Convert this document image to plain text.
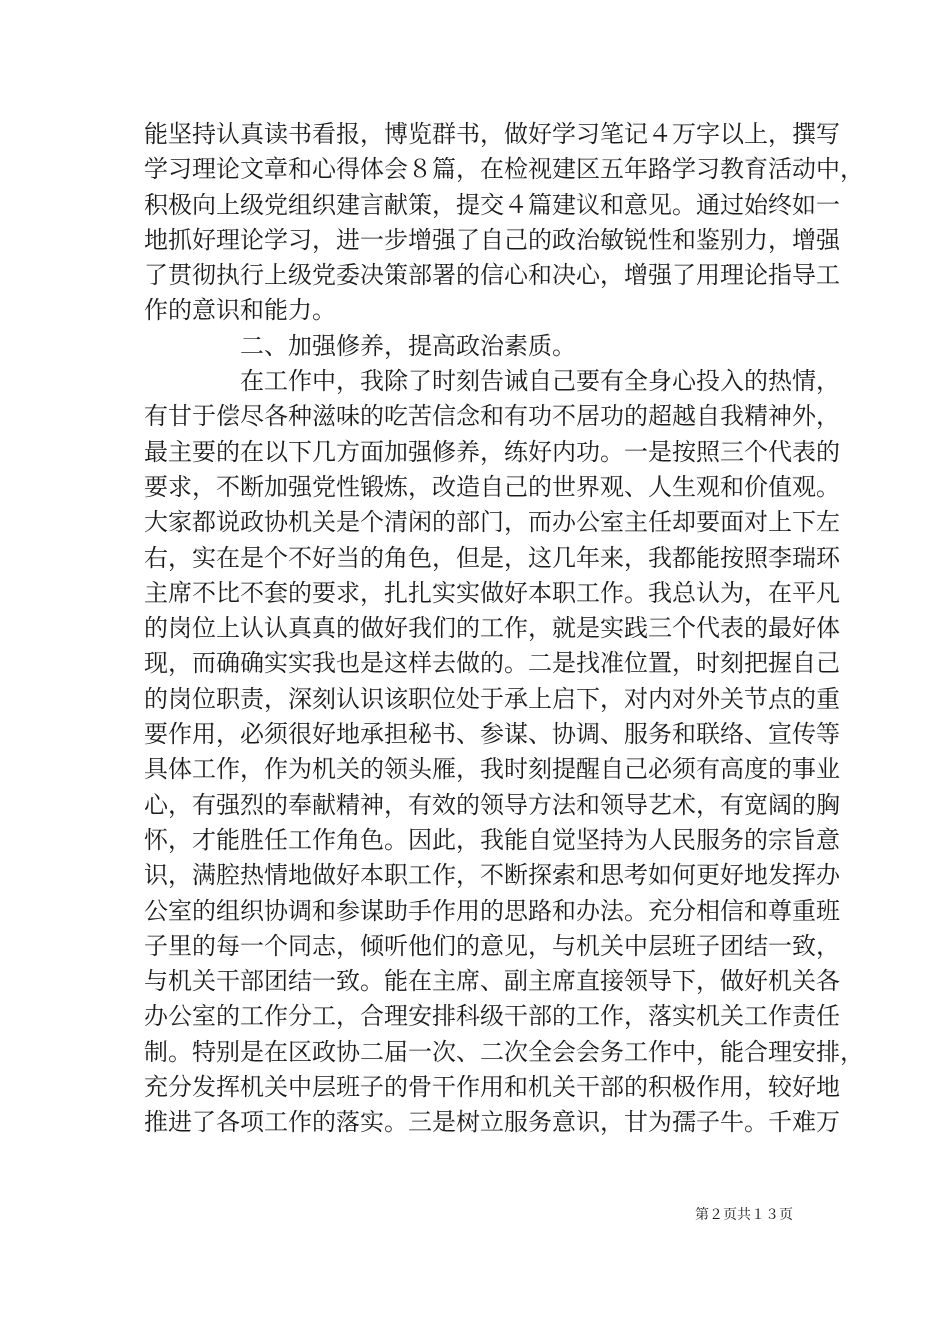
能坚持认真读书看报，博览群书，做好学习笔记４万字以上，撰写
学习理论文章和心得体会８篇，在检视建区五年路学习教育活动中，
积极向上级党组织建言献策，提交４篇建议和意见。通过始终如一
地抓好理论学习，进一步增强了自己的政治敏锐性和鉴别力，增强
了贯彻执行上级党委决策部署的信心和决心，增强了用理论指导工
作的意识和能力。
二、加强修养，提高政治素质。
在工作中，我除了时刻告诫自己要有全身心投入的热情，
有甘于偿尽各种滋味的吃苦信念和有功不居功的超越自我精神外，
最主要的在以下几方面加强修养，练好内功。一是按照三个代表的
要求，不断加强党性锻炼，改造自己的世界观、人生观和价值观。
大家都说政协机关是个清闲的部门，而办公室主任却要面对上下左
右，实在是个不好当的角色，但是，这几年来，我都能按照李瑞环
主席不比不套的要求，扎扎实实做好本职工作。我总认为，在平凡
的岗位上认认真真的做好我们的工作，就是实践三个代表的最好体
现，而确确实实我也是这样去做的。二是找准位置，时刻把握自己
的岗位职责，深刻认识该职位处于承上启下，对内对外关节点的重
要作用，必须很好地承担秘书、参谋、协调、服务和联络、宣传等
具体工作，作为机关的领头雁，我时刻提醒自己必须有高度的事业
心，有强烈的奉献精神，有效的领导方法和领导艺术，有宽阔的胸
怀，才能胜任工作角色。因此，我能自觉坚持为人民服务的宗旨意
识，满腔热情地做好本职工作，不断探索和思考如何更好地发挥办
公室的组织协调和参谋助手作用的思路和办法。充分相信和尊重班
子里的每一个同志，倾听他们的意见，与机关中层班子团结一致，
与机关干部团结一致。能在主席、副主席直接领导下，做好机关各
办公室的工作分工，合理安排科级干部的工作，落实机关工作责任
制。特别是在区政协二届一次、二次全会会务工作中，能合理安排，
充分发挥机关中层班子的骨干作用和机关干部的积极作用，较好地
推进了各项工作的落实。三是树立服务意识，甘为孺子牛。千难万
第２页共１３页
